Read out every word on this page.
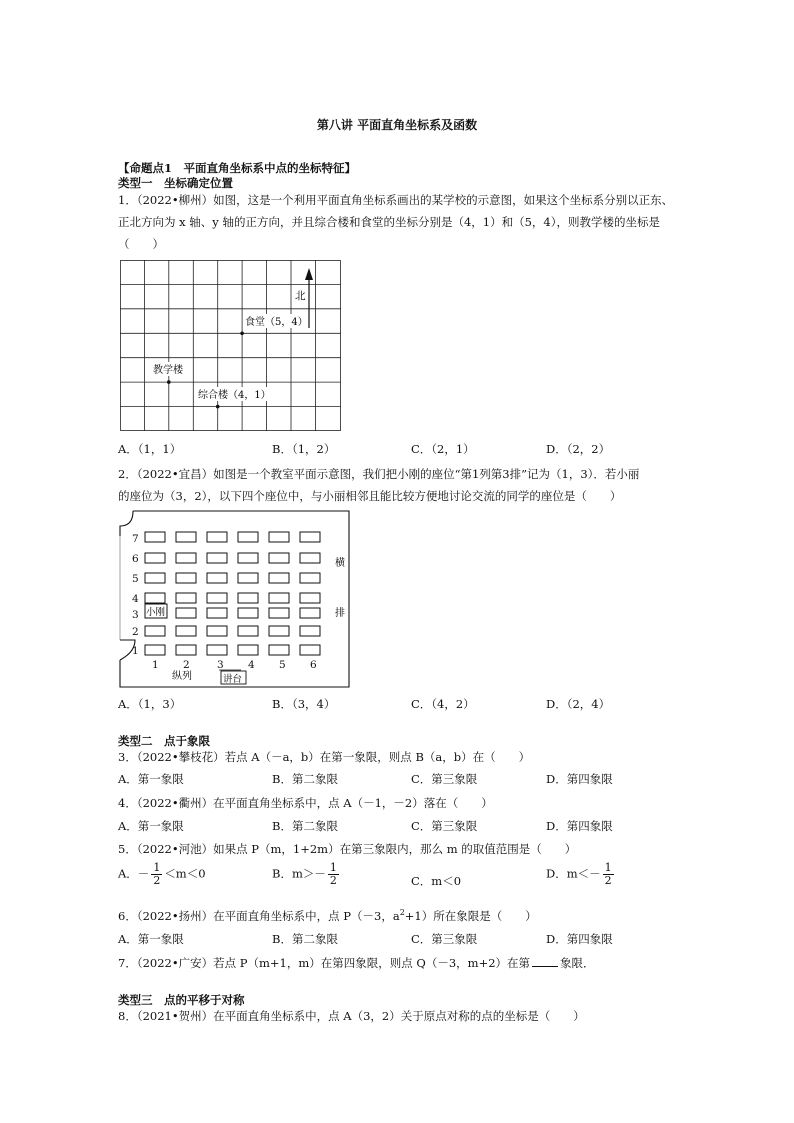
第八讲 平面直角坐标系及函数
【命题点1　平面直角坐标系中点的坐标特征】
类型一　坐标确定位置
1．（2022•柳州）如图，这是一个利用平面直角坐标系画出的某学校的示意图，如果这个坐标系分别以正东、
正北方向为 x 轴、y 轴的正方向，并且综合楼和食堂的坐标分别是（4，1）和（5，4），则教学楼的坐标是
（　　）
北
食堂（5，4）
教学楼
综合楼（4，1）
A．（1，1）	B．（1，2）	C．（2，1）	D．（2，2）
2．（2022•宜昌）如图是一个教室平面示意图，我们把小刚的座位“第1列第3排”记为（1，3）．若小丽
的座位为（3，2），以下四个座位中，与小丽相邻且能比较方便地讨论交流的同学的座位是（　　）
7
6
5
4
3
2
1
1 2	3 4 5 6
小刚
纵列	讲台
横
排
A．（1，3）	B．（3，4）	C．（4，2）	D．（2，4）
类型二　点于象限
3．（2022•攀枝花）若点 A（－a，b）在第一象限，则点 B（a，b）在（　　）
A．第一象限	B．第二象限	C．第三象限	D．第四象限
4．（2022•衢州）在平面直角坐标系中，点 A（－1，－2）落在（　　）
A．第一象限	B．第二象限	C．第三象限	D．第四象限
5．（2022•河池）如果点 P（m，1+2m）在第三象限内，那么 m 的取值范围是（　　）
A．－ $\frac{1}{2} <m<0$	B．$m>- \frac{1}{2}$	C．m＜0
D．$m<- \frac{1}{2}$
6．（2022•扬州）在平面直角坐标系中，点 P（－3，$a^2+1$）所在象限是（　　）
A．第一象限	B．第二象限	C．第三象限	D．第四象限
7．（2022•广安）若点 P（m+1，m）在第四象限，则点 Q（－3，m+2）在第	象限．
类型三　点的平移于对称
8．（2021•贺州）在平面直角坐标系中，点 A（3，2）关于原点对称的点的坐标是（　　）
